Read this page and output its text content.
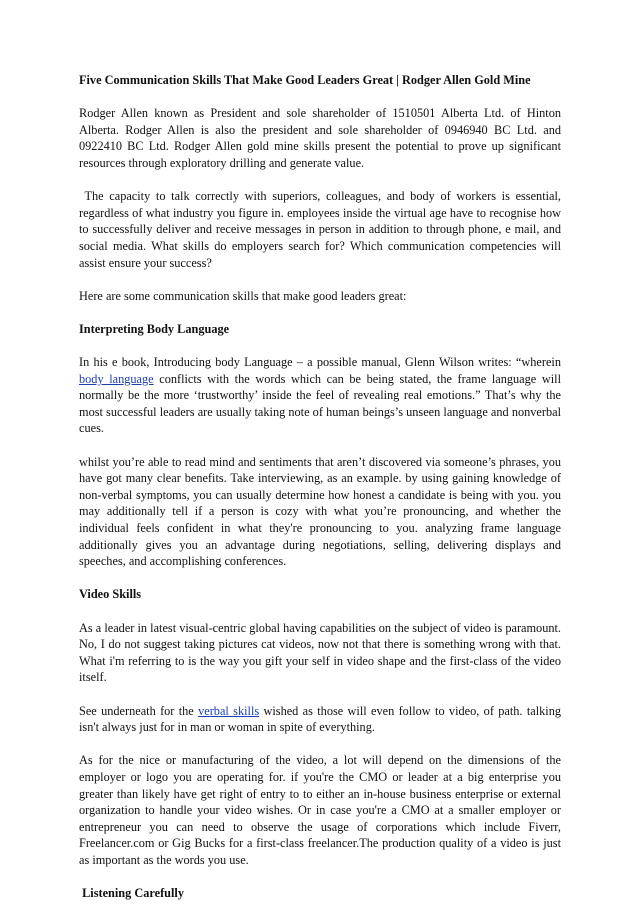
Five Communication Skills That Make Good Leaders Great | Rodger Allen Gold Mine

Rodger Allen known as President and sole shareholder of 1510501 Alberta Ltd. of Hinton Alberta. Rodger Allen is also the president and sole shareholder of 0946940 BC Ltd. and 0922410 BC Ltd. Rodger Allen gold mine skills present the potential to prove up significant resources through exploratory drilling and generate value.

The capacity to talk correctly with superiors, colleagues, and body of workers is essential, regardless of what industry you figure in. employees inside the virtual age have to recognise how to successfully deliver and receive messages in person in addition to through phone, e mail, and social media. What skills do employers search for? Which communication competencies will assist ensure your success?

Here are some communication skills that make good leaders great:

Interpreting Body Language

In his e book, Introducing body Language – a possible manual, Glenn Wilson writes: “wherein body language conflicts with the words which can be being stated, the frame language will normally be the more ‘trustworthy’ inside the feel of revealing real emotions.” That’s why the most successful leaders are usually taking note of human beings’s unseen language and nonverbal cues.

whilst you’re able to read mind and sentiments that aren’t discovered via someone’s phrases, you have got many clear benefits. Take interviewing, as an example. by using gaining knowledge of non-verbal symptoms, you can usually determine how honest a candidate is being with you. you may additionally tell if a person is cozy with what you’re pronouncing, and whether the individual feels confident in what they're pronouncing to you. analyzing frame language additionally gives you an advantage during negotiations, selling, delivering displays and speeches, and accomplishing conferences.

Video Skills

As a leader in latest visual-centric global having capabilities on the subject of video is paramount. No, I do not suggest taking pictures cat videos, now not that there is something wrong with that. What i'm referring to is the way you gift your self in video shape and the first-class of the video itself.

See underneath for the verbal skills wished as those will even follow to video, of path. talking isn't always just for in man or woman in spite of everything.

As for the nice or manufacturing of the video, a lot will depend on the dimensions of the employer or logo you are operating for. if you're the CMO or leader at a big enterprise you greater than likely have get right of entry to to either an in-house business enterprise or external organization to handle your video wishes. Or in case you're a CMO at a smaller employer or entrepreneur you can need to observe the usage of corporations which include Fiverr, Freelancer.com or Gig Bucks for a first-class freelancer.The production quality of a video is just as important as the words you use.

Listening Carefully
